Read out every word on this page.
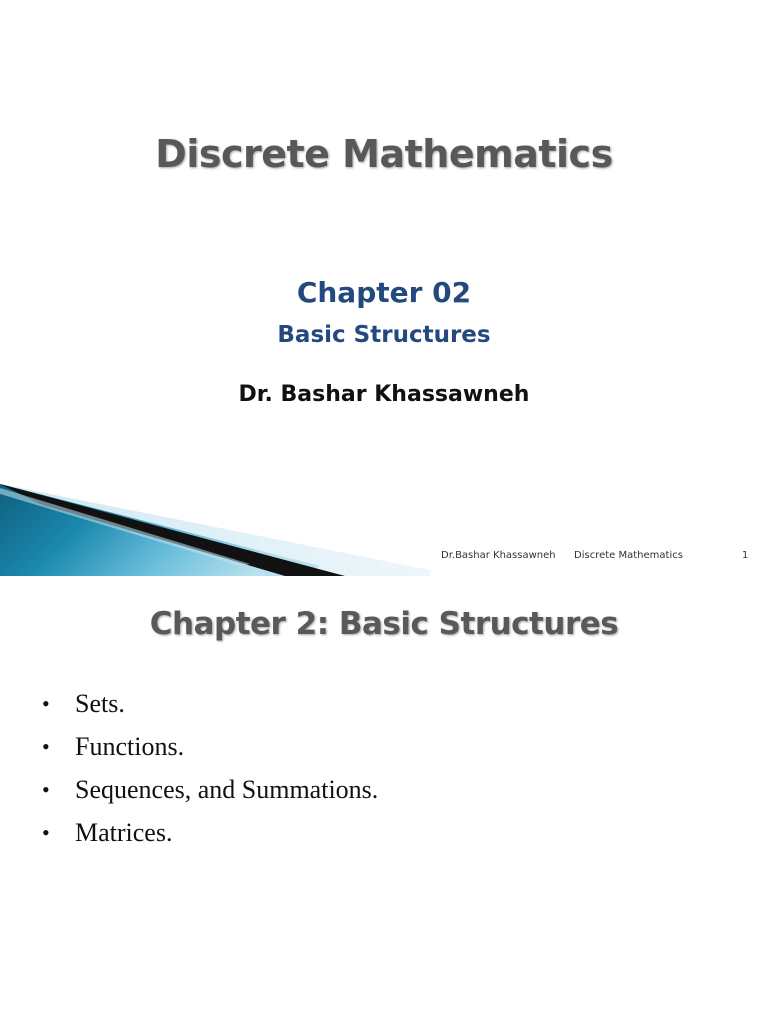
Discrete Mathematics
Chapter 02
Basic Structures
Dr. Bashar Khassawneh
Dr.Bashar Khassawneh Discrete Mathematics	1
Chapter 2: Basic Structures
• Sets.
• Functions.
• Sequences, and Summations.
• Matrices.
